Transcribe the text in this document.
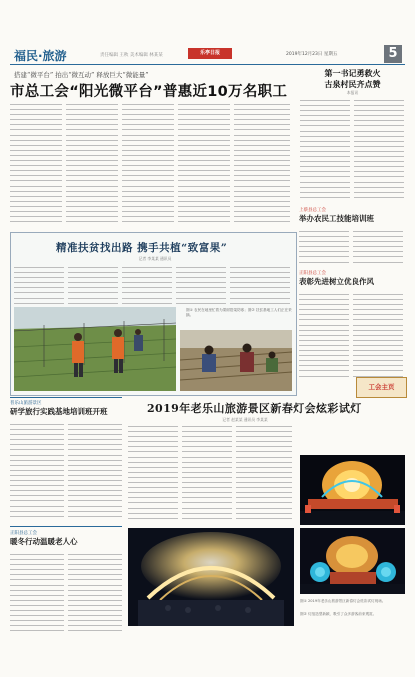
福民·旅游	责任编辑 王秋 美术编辑 林某某	乐亭日报	2019年12月23日 星期五	5
搭建“微平台” 拍出“微互动” 释放巨大“微能量”
市总工会“阳光微平台”普惠近10万名职工
第一书记勇救火
古泉村民齐点赞
本报讯
上蔡县总工会
举办农民工技能培训班
正阳县总工会
表彰先进树立优良作风
工会主页
精准扶贫找出路 携手共植“致富果”
记者 李某某 通讯员
图① 农民在地里忙着为果树搭架防寒；图② 扶贫基地工人们正在采摘。
普乐山旅游景区
研学旅行实践基地培训班开班
正阳县总工会
暖冬行动温暖老人心
2019年老乐山旅游景区新春灯会炫彩试灯
记者 赵某某 通讯员 李某某
图① 2019年老乐山旅游景区新春灯会炫彩试灯现场。
图② 灯组造型新颖，吸引了众多游客前来观赏。
